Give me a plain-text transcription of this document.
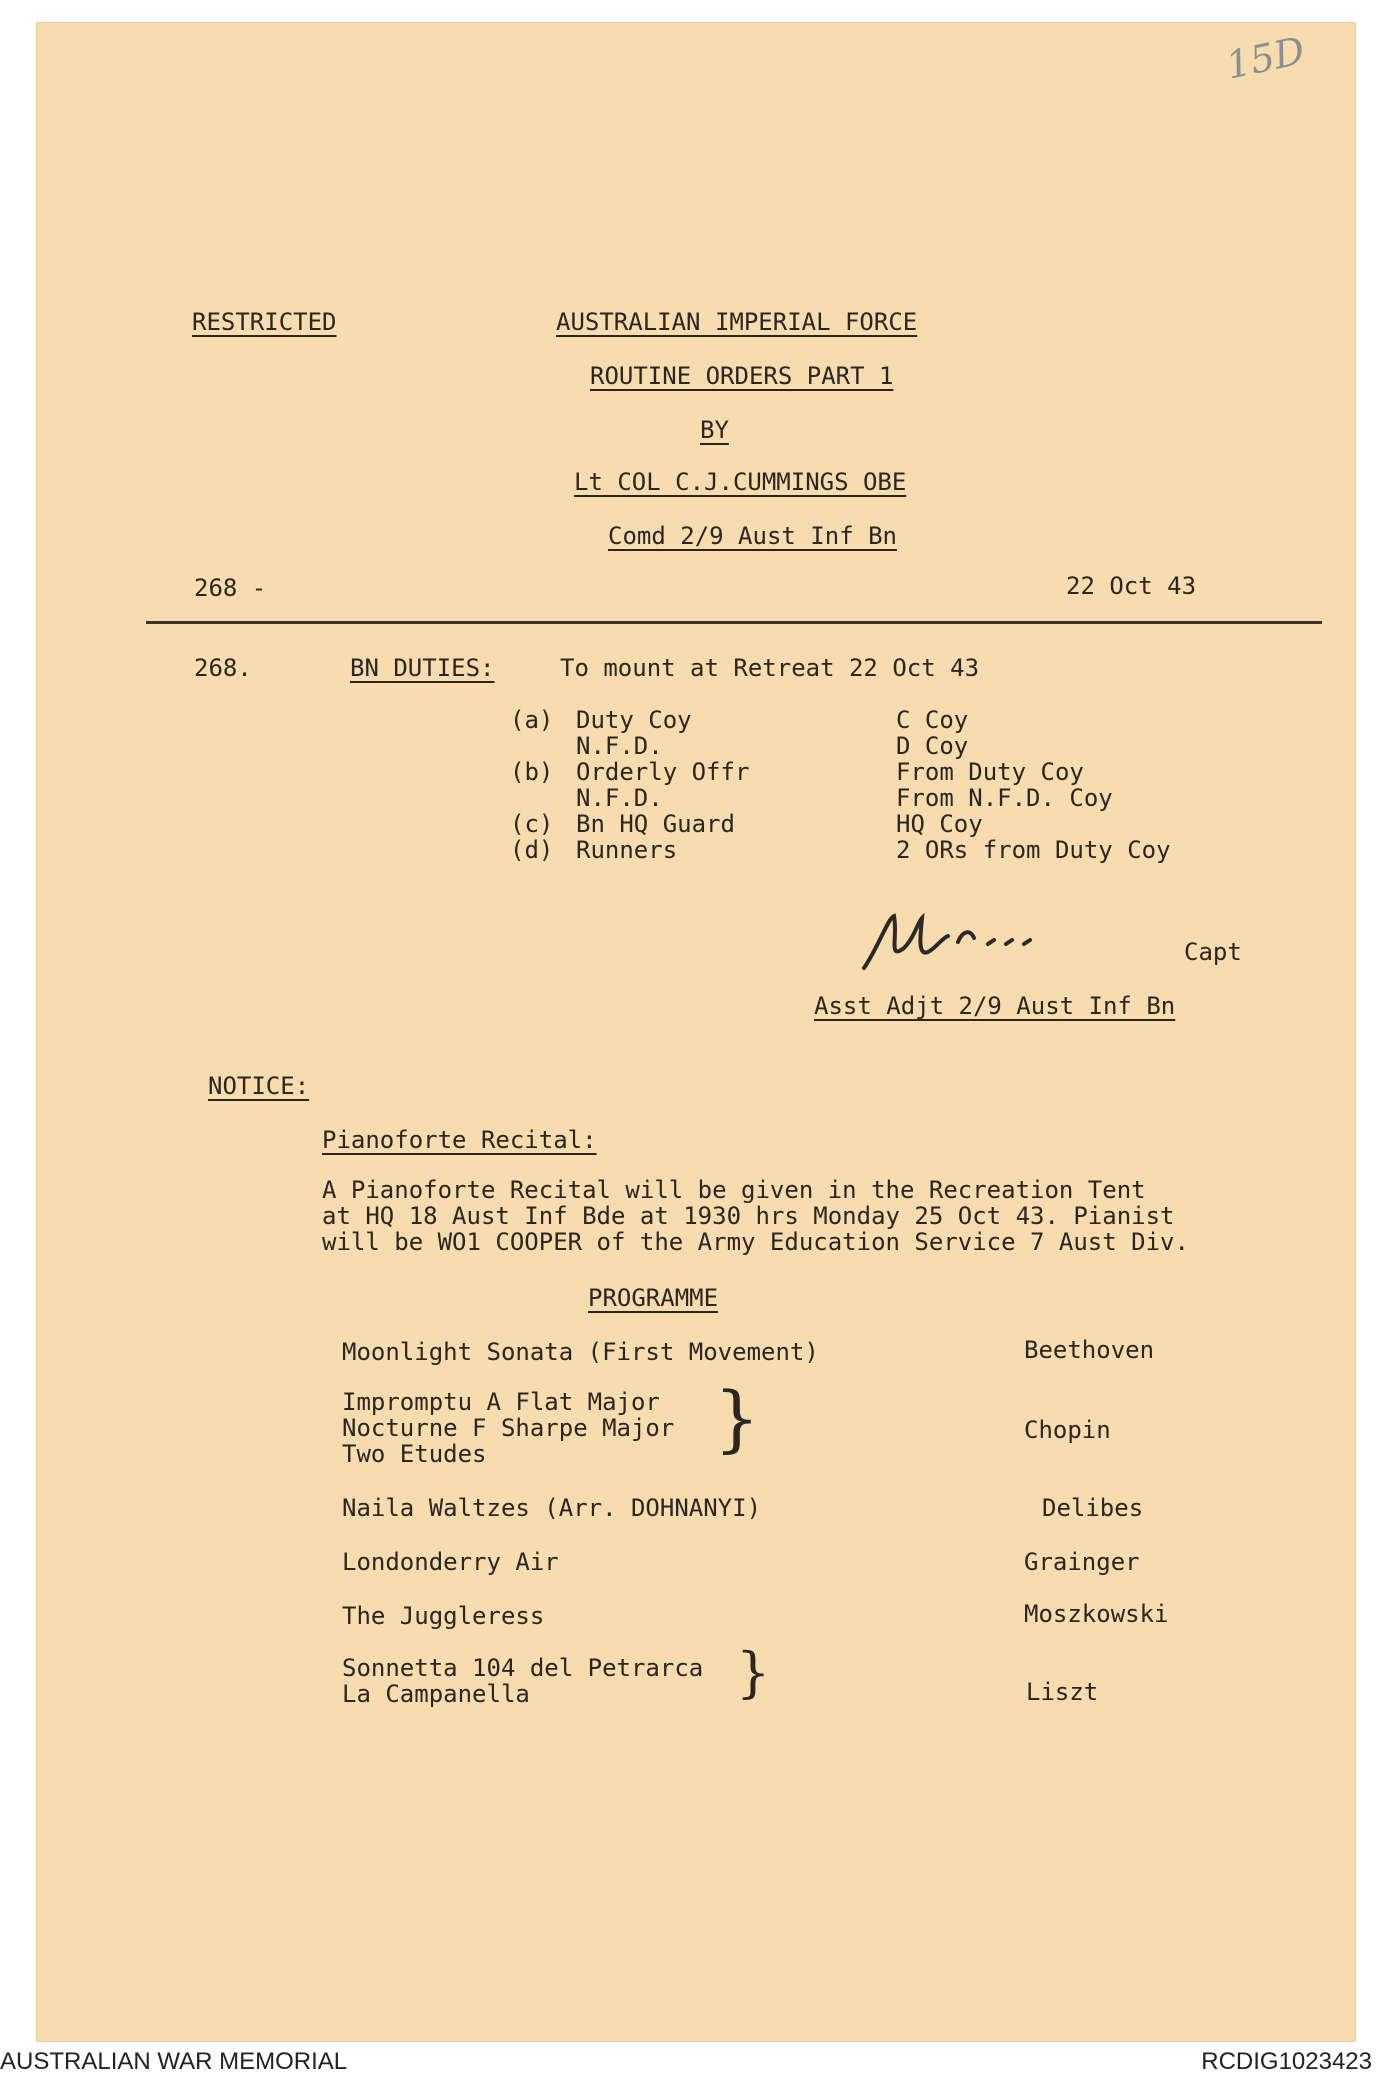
15D
RESTRICTED	AUSTRALIAN IMPERIAL FORCE
ROUTINE ORDERS PART 1
BY
Lt COL C.J.CUMMINGS OBE
Comd 2/9 Aust Inf Bn
268 -	22 Oct 43
268.	BN DUTIES:	To mount at Retreat 22 Oct 43
(a) Duty Coy	C Coy
N.F.D.	D Coy
(b) Orderly Offr	From Duty Coy
N.F.D.	From N.F.D. Coy
(c) Bn HQ Guard	HQ Coy
(d) Runners	2 ORs from Duty Coy
Capt
Asst Adjt 2/9 Aust Inf Bn
NOTICE:
Pianoforte Recital:
A Pianoforte Recital will be given in the Recreation Tent
at HQ 18 Aust Inf Bde at 1930 hrs Monday 25 Oct 43. Pianist
will be WO1 COOPER of the Army Education Service 7 Aust Div.
PROGRAMME
Moonlight Sonata (First Movement)	Beethoven
Impromptu A Flat Major
Nocturne F Sharpe Major
Two Etudes	}	Chopin
Naila Waltzes (Arr. DOHNANYI)	Delibes
Londonderry Air	Grainger
The Juggleress	Moszkowski
Sonnetta 104 del Petrarca
La Campanella	}	Liszt
AUSTRALIAN WAR MEMORIAL	RCDIG1023423
